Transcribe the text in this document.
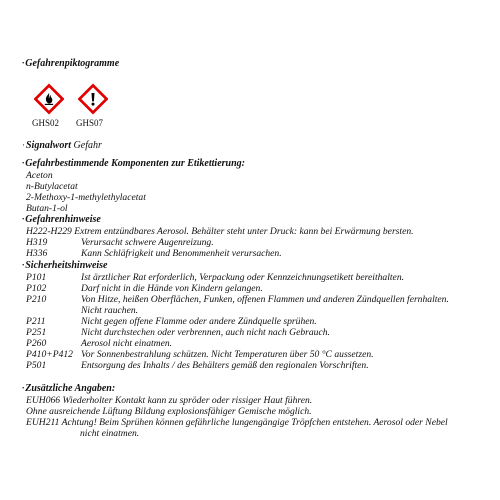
·Gefahrenpiktogramme
GHS02 GHS07
·Signalwort Gefahr
·Gefahrbestimmende Komponenten zur Etikettierung:
Aceton
n-Butylacetat
2-Methoxy-1-methylethylacetat
Butan-1-ol
·Gefahrenhinweise
H222-H229 Extrem entzündbares Aerosol. Behälter steht unter Druck: kann bei Erwärmung bersten.
H319	Verursacht schwere Augenreizung.
H336	Kann Schläfrigkeit und Benommenheit verursachen.
·Sicherheitshinweise
P101	Ist ärztlicher Rat erforderlich, Verpackung oder Kennzeichnungsetikett bereithalten.
P102	Darf nicht in die Hände von Kindern gelangen.
P210	Von Hitze, heißen Oberflächen, Funken, offenen Flammen und anderen Zündquellen fernhalten.
Nicht rauchen.
P211	Nicht gegen offene Flamme oder andere Zündquelle sprühen.
P251	Nicht durchstechen oder verbrennen, auch nicht nach Gebrauch.
P260	Aerosol nicht einatmen.
P410+P412 Vor Sonnenbestrahlung schützen. Nicht Temperaturen über 50 °C aussetzen.
P501	Entsorgung des Inhalts / des Behälters gemäß den regionalen Vorschriften.
·Zusätzliche Angaben:
EUH066 Wiederholter Kontakt kann zu spröder oder rissiger Haut führen.
Ohne ausreichende Lüftung Bildung explosionsfähiger Gemische möglich.
EUH211 Achtung! Beim Sprühen können gefährliche lungengängige Tröpfchen entstehen. Aerosol oder Nebel
nicht einatmen.
